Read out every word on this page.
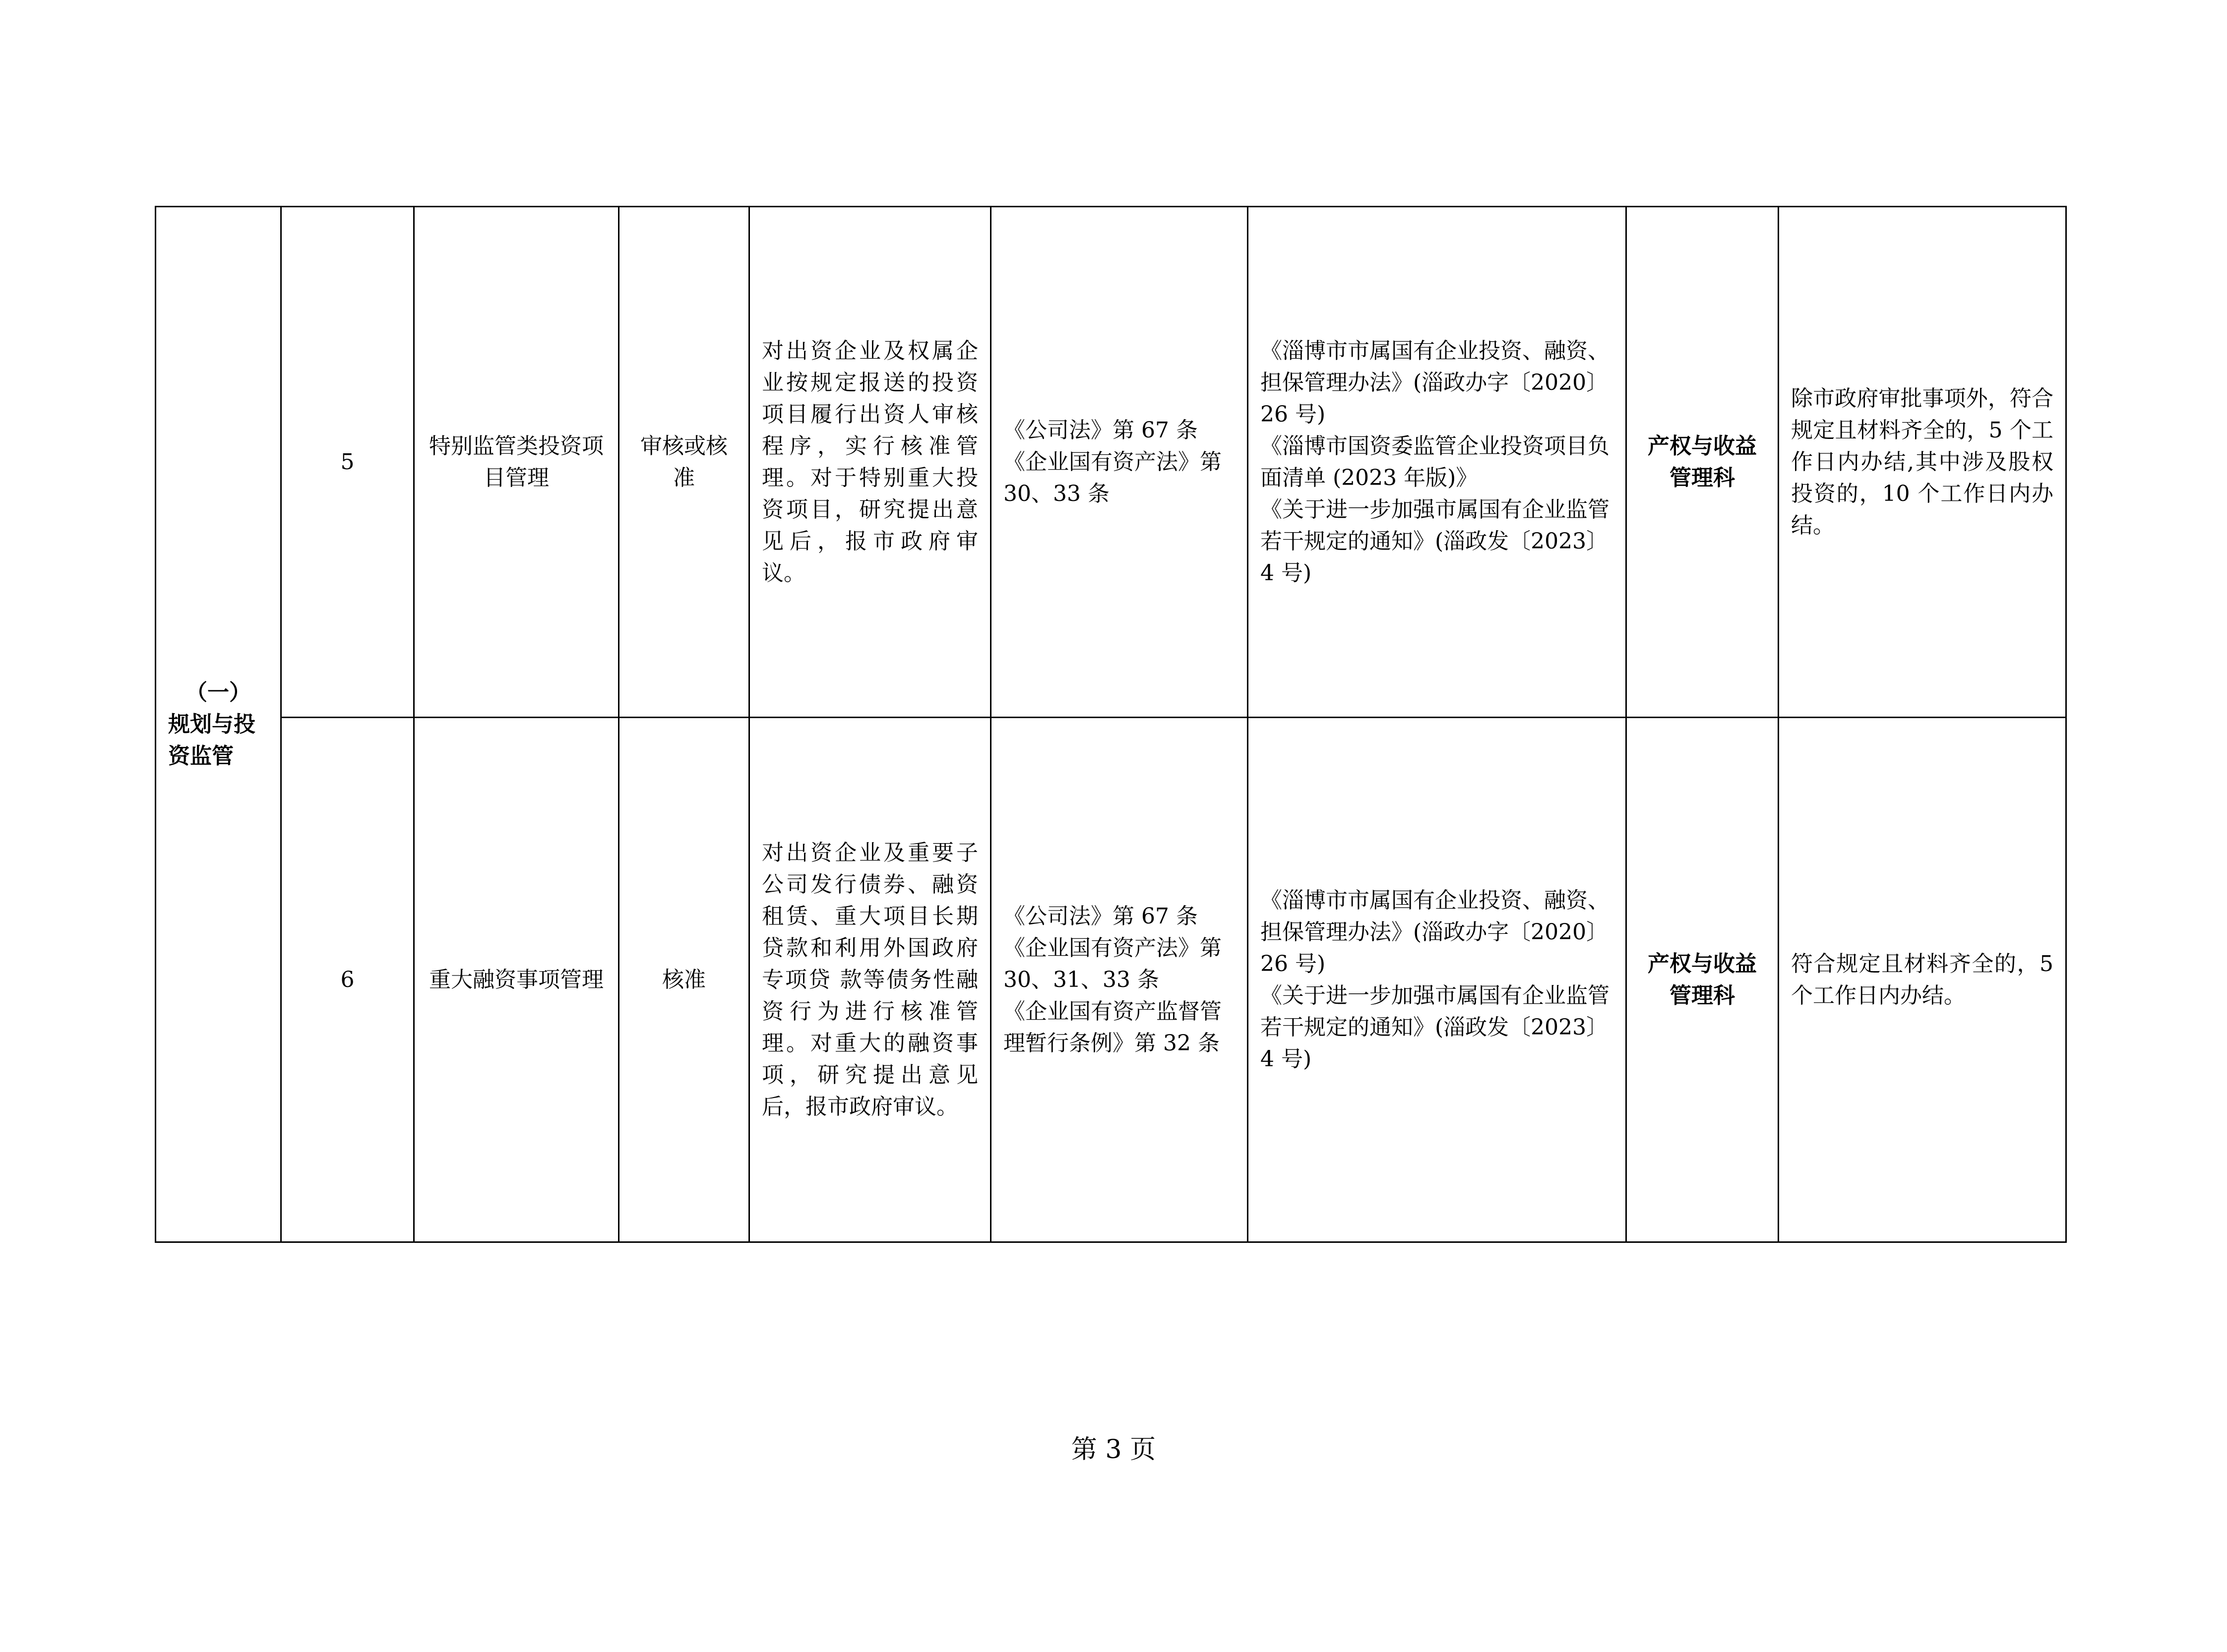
（一）
规划与投资监管	5	特别监管类投资项目管理	审核或核准	对出资企业及权属企业按规定报送的投资项目履行出资人审核程序，实行核准管理。对于特别重大投资项目，研究提出意见后，报市政府审议。	《公司法》第 67 条
《企业国有资产法》第 30、33 条	《淄博市市属国有企业投资、融资、担保管理办法》(淄政办字〔2020〕26 号)
《淄博市国资委监管企业投资项目负面清单 (2023 年版)》
《关于进一步加强市属国有企业监管若干规定的通知》(淄政发〔2023〕4 号)	产权与收益管理科	除市政府审批事项外，符合规定且材料齐全的，5 个工作日内办结,其中涉及股权投资的，10 个工作日内办结。
	6	重大融资事项管理	核准	对出资企业及重要子公司发行债券、融资租赁、重大项目长期贷款和利用外国政府专项贷 款等债务性融资行为进行核准管理。对重大的融资事项，研究提出意见后，报市政府审议。	《公司法》第 67 条
《企业国有资产法》第 30、31、33 条
《企业国有资产监督管理暂行条例》第 32 条	《淄博市市属国有企业投资、融资、担保管理办法》(淄政办字〔2020〕26 号)
《关于进一步加强市属国有企业监管若干规定的通知》(淄政发〔2023〕4 号)	产权与收益管理科	符合规定且材料齐全的，5 个工作日内办结。
第 3 页
